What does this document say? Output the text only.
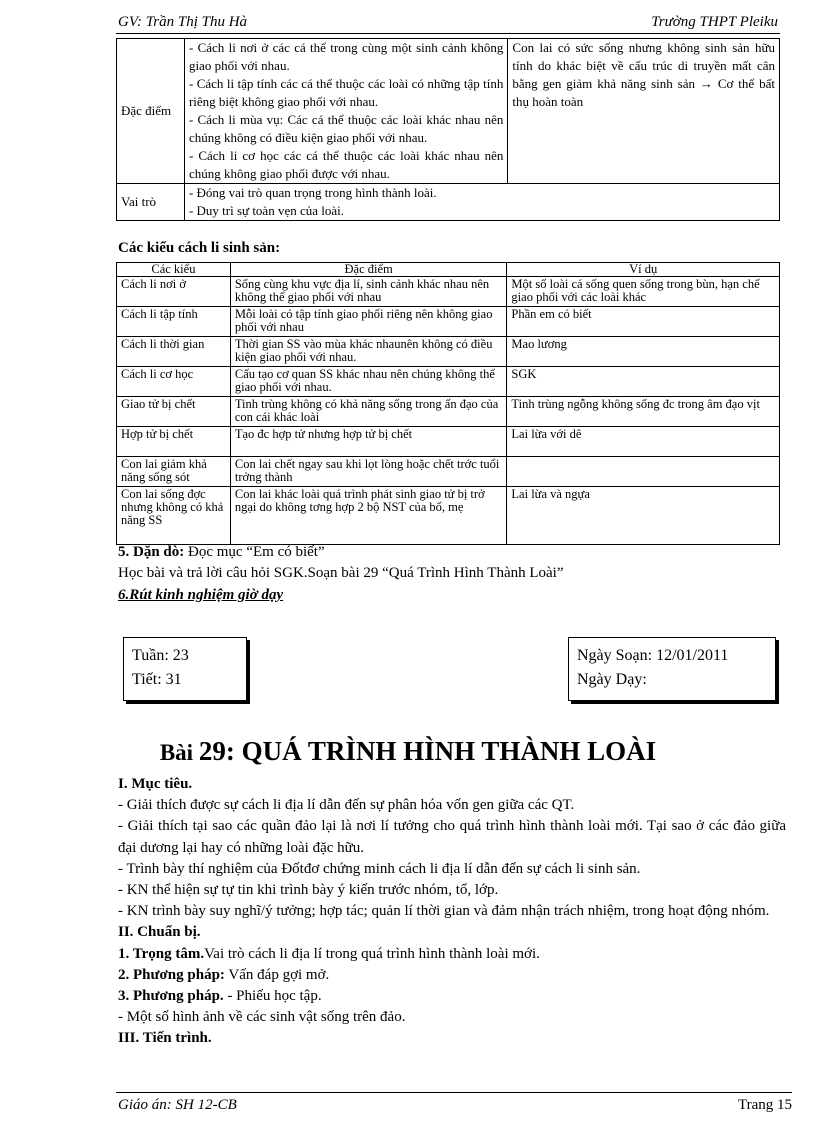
GV: Trần Thị Thu Hà	Trường THPT Pleiku
Đặc điểm	- Cách li nơi ở các cá thể trong cùng một sinh cảnh không giao phối với nhau.
- Cách li tập tính các cá thể thuộc các loài có những tập tính riêng biệt không giao phối với nhau.
- Cách li mùa vụ: Các cá thể thuộc các loài khác nhau nên chúng không có điều kiện giao phối với nhau.
- Cách li cơ học các cá thể thuộc các loài khác nhau nên chúng không giao phối được với nhau.	Con lai có sức sống nhưng không sinh sản hữu tính do khác biệt về cấu trúc di truyền mất cân bằng gen giảm khả năng sinh sản → Cơ thể bất thụ hoàn toàn
Vai trò	- Đóng vai trò quan trọng trong hình thành loài.
- Duy trì sự toàn vẹn của loài.	
Các kiểu cách li sinh sản:
Các kiểu	Đặc điểm	Ví dụ
Cách li nơi ở	Sống cùng khu vực địa lí, sinh cảnh khác nhau nên không thể giao phối với nhau	Một số loài cá sống quen sống trong bùn, hạn chế giao phối với các loài khác
Cách li tập tính	Mỗi loài có tập tính giao phối riêng nên không giao phối với nhau	Phần em có biết
Cách li thời gian	Thời gian SS vào mùa khác nhaunên không có điều kiện giao phối với nhau.	Mao lương
Cách li cơ học	Cấu tạo cơ quan SS khác nhau nên chúng không thể giao phối với nhau.	SGK
Giao tử bị chết	Tinh trùng không có khả năng sống trong ấn đạo của con cái khác loài	Tinh trùng ngỗng không sống đc trong âm đạo vịt
Hợp tử bị chết	Tạo đc hợp tử nhưng hợp tử bị chết	Lai lừa với dê
Con lai giảm khả năng sống sót	Con lai chết ngay sau khi lọt lòng hoặc chết trớc tuổi trởng thành	
Con lai sống đợc nhưng không có khả năng SS	Con lai khác loài quá trình phát sinh giao tử bị trở ngại do không tơng hợp 2 bộ NST của bố, mẹ	Lai lừa và ngựa
5. Dặn dò: Đọc mục “Em có biết”
Học bài và trả lời câu hỏi SGK.Soạn bài 29 “Quá Trình Hình Thành Loài”
6.Rút kinh nghiệm giờ dạy
Tuần: 23
Tiết: 31
Ngày Soạn: 12/01/2011
Ngày Dạy:
Bài 29: QUÁ TRÌNH HÌNH THÀNH LOÀI

I. Mục tiêu.

- Giải thích được sự cách li địa lí dẫn đến sự phân hóa vốn gen giữa các QT.

- Giải thích tại sao các quần đảo lại là nơi lí tưởng cho quá trình hình thành loài mới. Tại sao ở các đảo giữa đại dương lại hay có những loài đặc hữu.

- Trình bày thí nghiệm của Đốtđơ chứng minh cách li địa lí dẫn đến sự cách li sinh sản.

- KN thể hiện sự tự tin khi trình bày ý kiến trước nhóm, tổ, lớp.

- KN trình bày suy nghĩ/ý tưởng; hợp tác; quản lí thời gian và đảm nhận trách nhiệm, trong hoạt động nhóm.

II. Chuẩn bị.

1. Trọng tâm.Vai trò cách li địa lí trong quá trình hình thành loài mới.

2. Phương pháp: Vấn đáp gợi mở.

3. Phương pháp. - Phiếu học tập.

- Một số hình ảnh về các sinh vật sống trên đảo.

III. Tiến trình.

Giáo án: SH 12-CB	Trang 15
